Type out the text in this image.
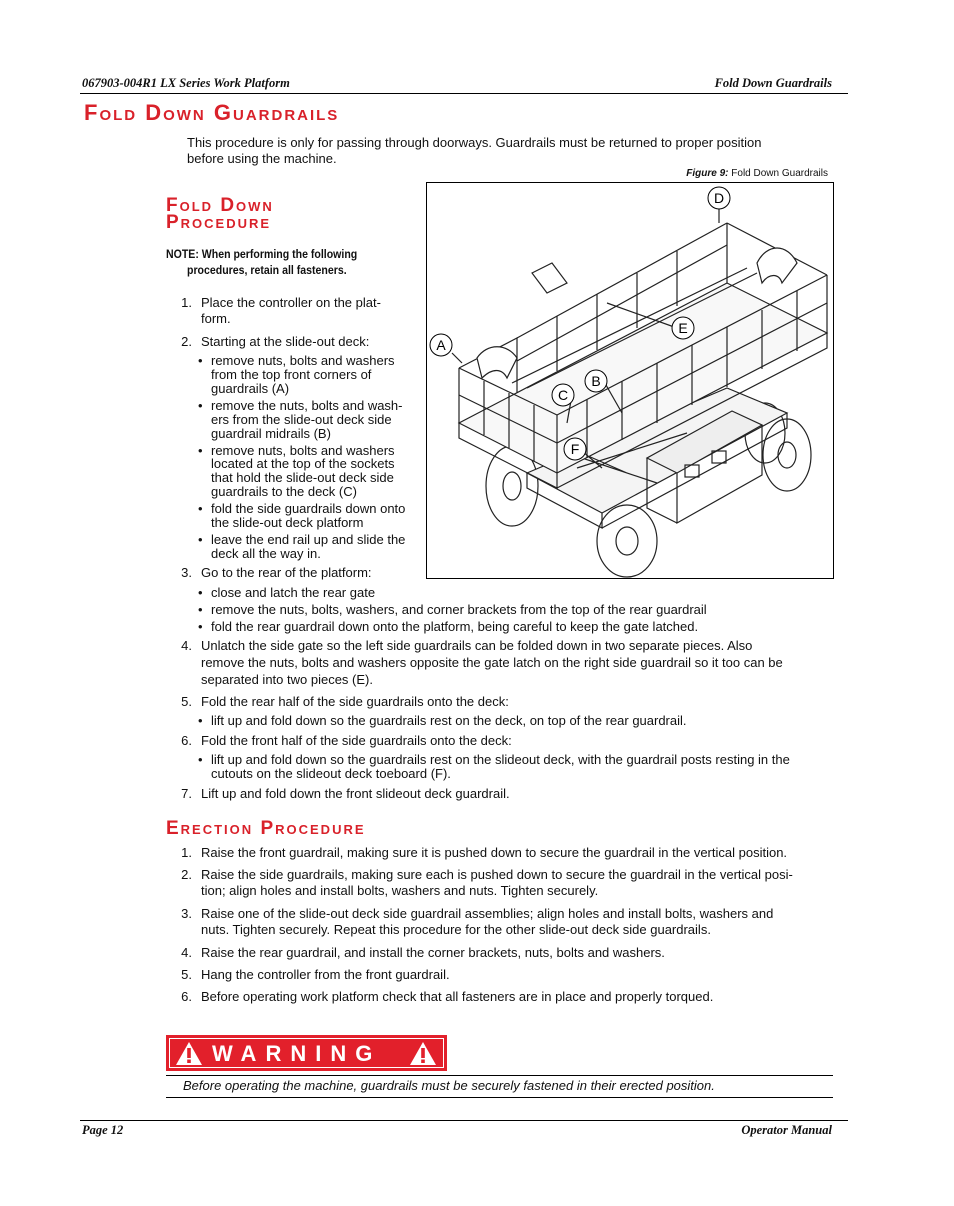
067903-004R1 LX Series Work Platform	Fold Down Guardrails
Fold Down Guardrails
This procedure is only for passing through doorways. Guardrails must be returned to proper position
before using the machine.
Figure 9: Fold Down Guardrails
D
E
A
B
C
F
Fold Down
Procedure
NOTE: When performing the following
procedures, retain all fasteners.
1. Place the controller on the plat-
form.
2. Starting at the slide-out deck:
• remove nuts, bolts and washers
from the top front corners of
guardrails (A)
• remove the nuts, bolts and wash-
ers from the slide-out deck side
guardrail midrails (B)
• remove nuts, bolts and washers
located at the top of the sockets
that hold the slide-out deck side
guardrails to the deck (C)
• fold the side guardrails down onto
the slide-out deck platform
• leave the end rail up and slide the
deck all the way in.
3. Go to the rear of the platform:
• close and latch the rear gate
• remove the nuts, bolts, washers, and corner brackets from the top of the rear guardrail
• fold the rear guardrail down onto the platform, being careful to keep the gate latched.
4. Unlatch the side gate so the left side guardrails can be folded down in two separate pieces. Also
remove the nuts, bolts and washers opposite the gate latch on the right side guardrail so it too can be
separated into two pieces (E).
5. Fold the rear half of the side guardrails onto the deck:
• lift up and fold down so the guardrails rest on the deck, on top of the rear guardrail.
6. Fold the front half of the side guardrails onto the deck:
• lift up and fold down so the guardrails rest on the slideout deck, with the guardrail posts resting in the
cutouts on the slideout deck toeboard (F).
7. Lift up and fold down the front slideout deck guardrail.
Erection Procedure
1. Raise the front guardrail, making sure it is pushed down to secure the guardrail in the vertical position.
2. Raise the side guardrails, making sure each is pushed down to secure the guardrail in the vertical posi-
tion; align holes and install bolts, washers and nuts. Tighten securely.
3. Raise one of the slide-out deck side guardrail assemblies; align holes and install bolts, washers and
nuts. Tighten securely. Repeat this procedure for the other slide-out deck side guardrails.
4. Raise the rear guardrail, and install the corner brackets, nuts, bolts and washers.
5. Hang the controller from the front guardrail.
6. Before operating work platform check that all fasteners are in place and properly torqued.
WARNING
Before operating the machine, guardrails must be securely fastened in their erected position.
Page 12	Operator Manual
